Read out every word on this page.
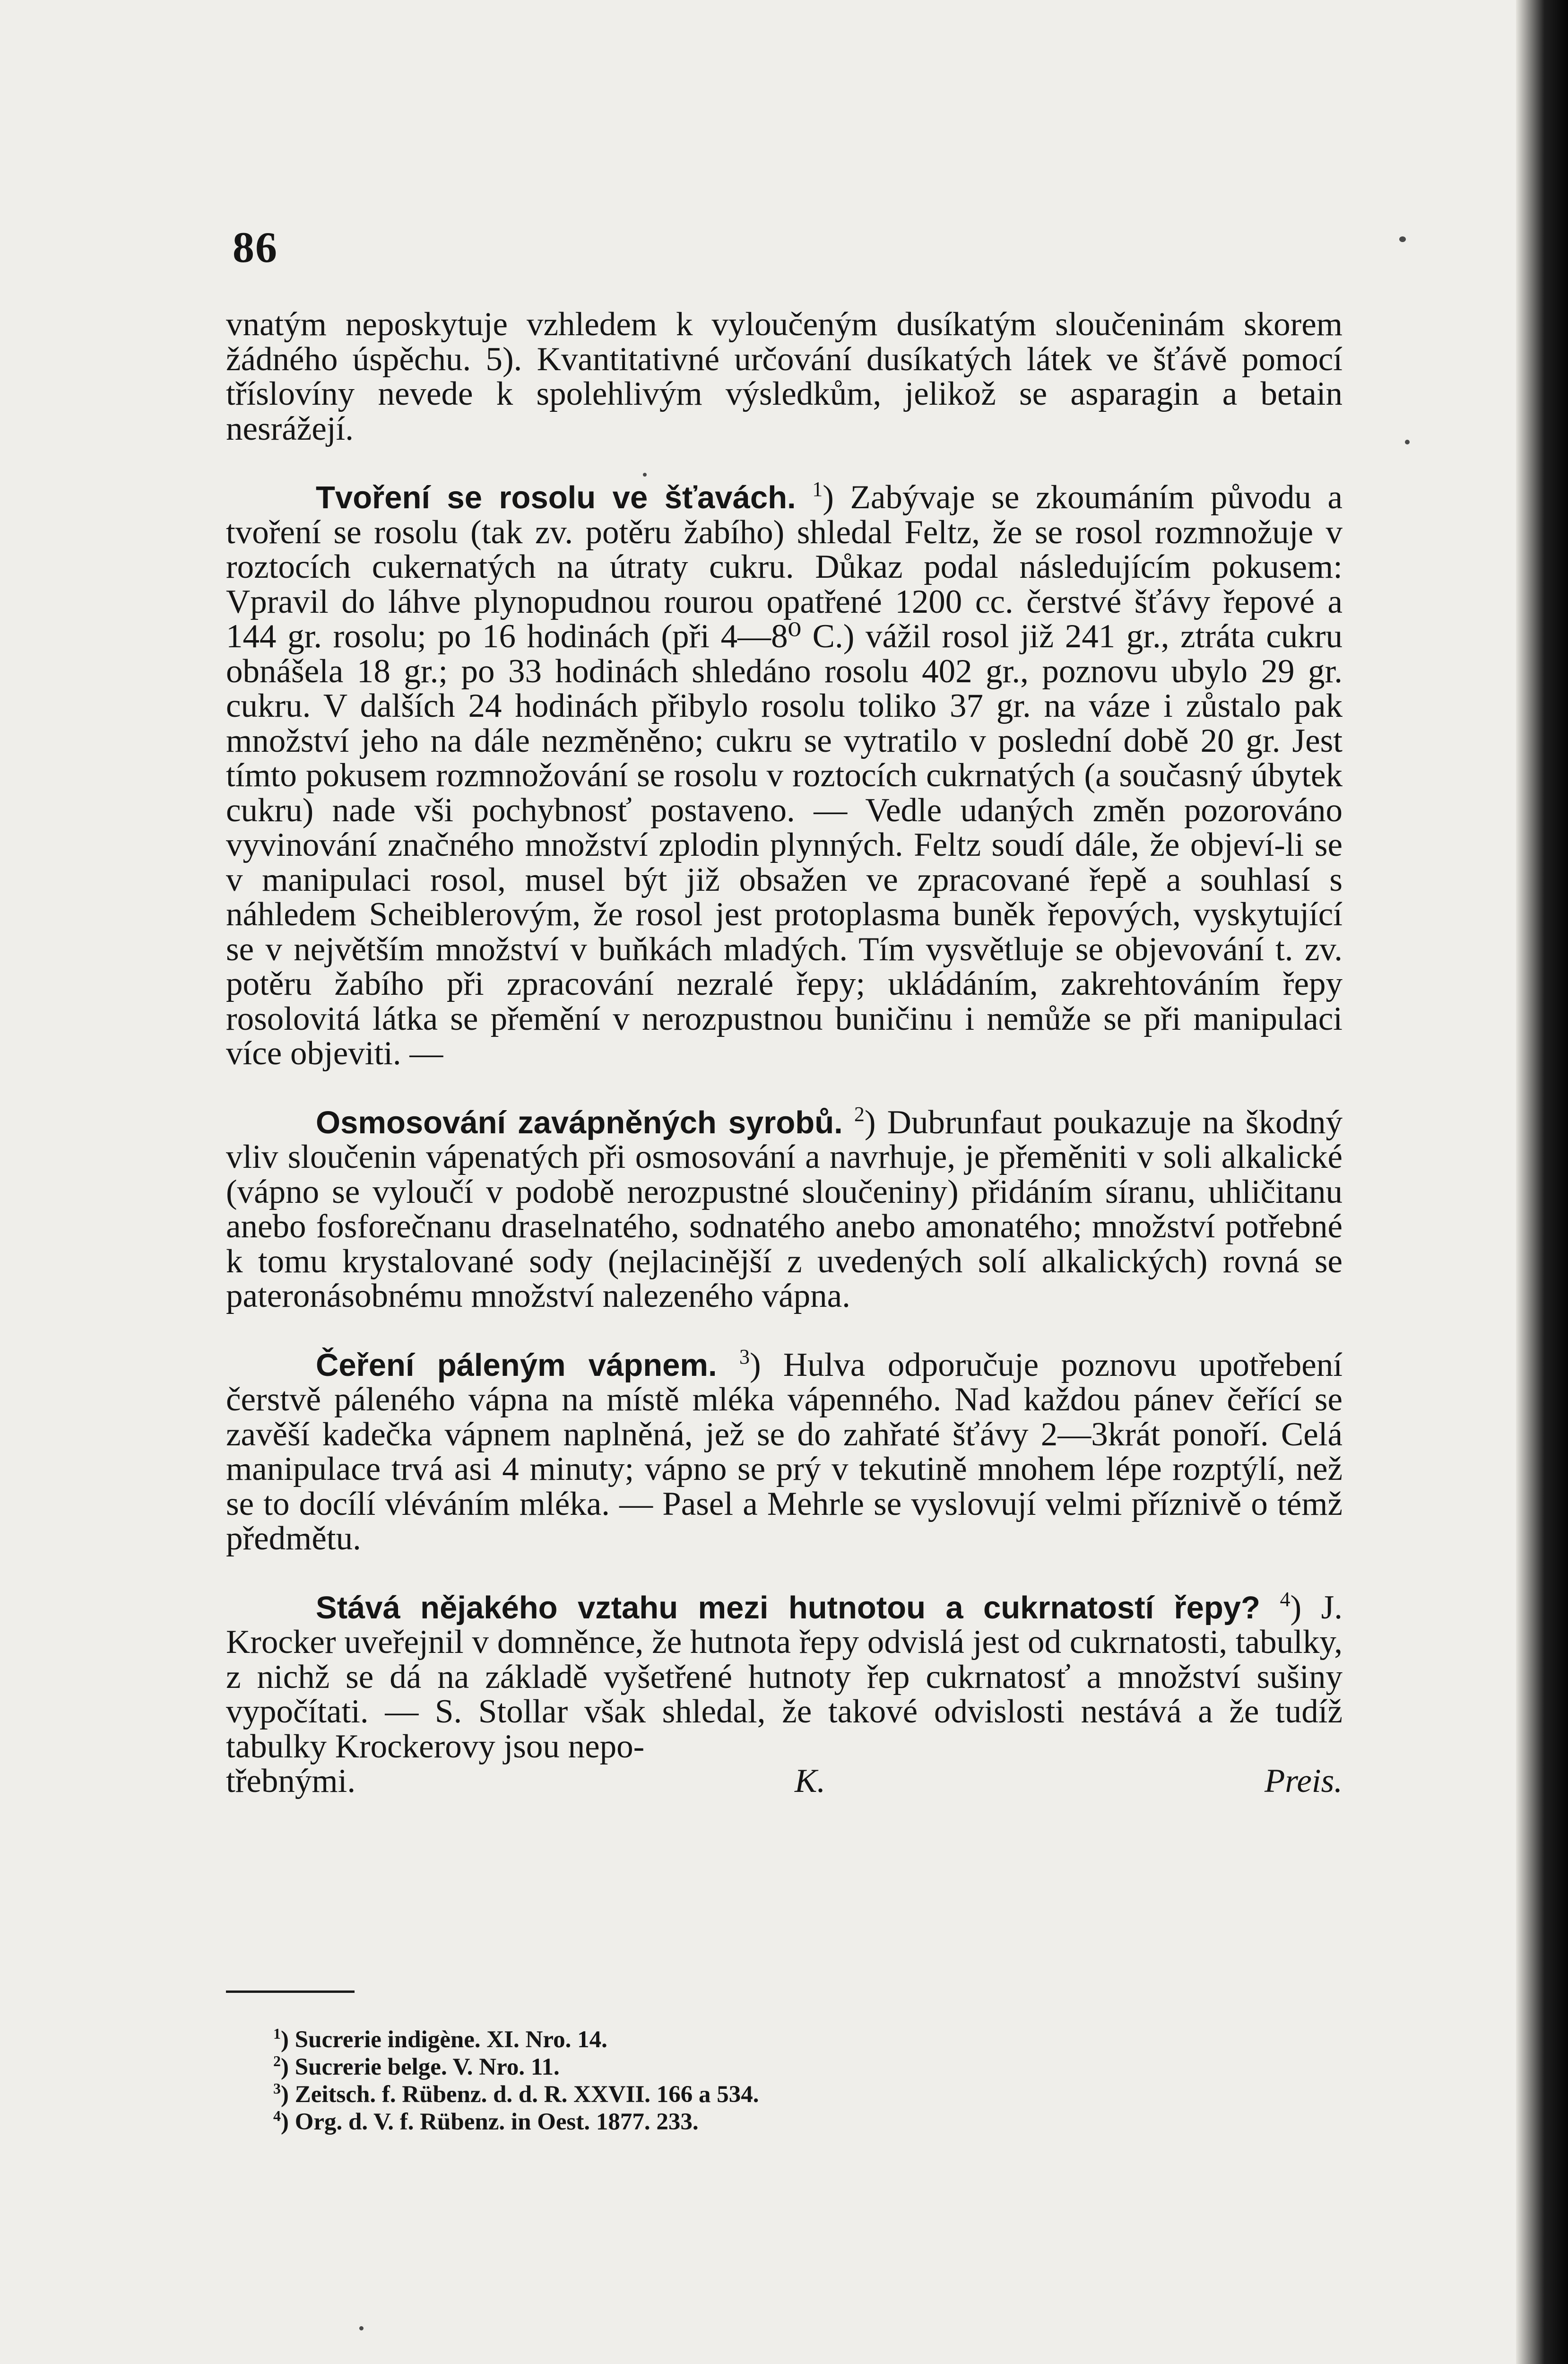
86

vnatým neposkytuje vzhledem k vyloučeným dusíkatým sloučeninám skorem žádného úspěchu. 5). Kvantitativné určování dusíkatých látek ve šťávě pomocí tříslovíny nevede k spolehlivým výsledkům, jelikož se asparagin a betain nesrážejí.

Tvoření se rosolu ve šťavách. $^1$) Zabývaje se zkoumáním původu a tvoření se rosolu (tak zv. potěru žabího) shledal Feltz, že se rosol rozmnožuje v roztocích cukernatých na útraty cukru. Důkaz podal následujícím pokusem: Vpravil do láhve plynopudnou rourou opatřené 1200 cc. čerstvé šťávy řepové a 144 gr. rosolu; po 16 hodinách (při 4—8⁰ C.) vážil rosol již 241 gr., ztráta cukru obnášela 18 gr.; po 33 hodinách shledáno rosolu 402 gr., poznovu ubylo 29 gr. cukru. V dalších 24 hodinách přibylo rosolu toliko 37 gr. na váze i zůstalo pak množství jeho na dále nezměněno; cukru se vytratilo v poslední době 20 gr. Jest tímto pokusem rozmnožování se rosolu v roztocích cukrnatých (a současný úbytek cukru) nade vši pochybnosť postaveno. — Vedle udaných změn pozorováno vyvinování značného množství zplodin plynných. Feltz soudí dále, že objeví-li se v manipulaci rosol, musel být již obsažen ve zpracované řepě a souhlasí s náhledem Scheiblerovým, že rosol jest protoplasma buněk řepových, vyskytující se v největším množství v buňkách mladých. Tím vysvětluje se objevování t. zv. potěru žabího při zpracování nezralé řepy; ukládáním, zakrehtováním řepy rosolovitá látka se přemění v nerozpustnou buničinu i nemůže se při manipulaci více objeviti. —

Osmosování zavápněných syrobů. $^2$) Dubrunfaut poukazuje na škodný vliv sloučenin vápenatých při osmosování a navrhuje, je přeměniti v soli alkalické (vápno se vyloučí v podobě nerozpustné sloučeniny) přidáním síranu, uhličitanu anebo fosforečnanu draselnatého, sodnatého anebo amonatého; množství potřebné k tomu krystalované sody (nejlacinější z uvedených solí alkalických) rovná se pateronásobnému množství nalezeného vápna.

Čeření páleným vápnem. $^3$) Hulva odporučuje poznovu upotřebení čerstvě páleného vápna na místě mléka vápenného. Nad každou pánev čeřící se zavěší kadečka vápnem naplněná, jež se do zahřaté šťávy 2—3krát ponoří. Celá manipulace trvá asi 4 minuty; vápno se prý v tekutině mnohem lépe rozptýlí, než se to docílí vléváním mléka. — Pasel a Mehrle se vyslovují velmi příznivě o témž předmětu.

Stává nějakého vztahu mezi hutnotou a cukrnatostí řepy? $^4$) J. Krocker uveřejnil v domněnce, že hutnota řepy odvislá jest od cukrnatosti, tabulky, z nichž se dá na základě vyšetřené hutnoty řep cukrnatosť a množství sušiny vypočítati. — S. Stollar však shledal, že takové odvislosti nestává a že tudíž tabulky Krockerovy jsou nepo-

třebnými.	K. Preis.

$^1$) Sucrerie indigène. XI. Nro. 14.
$^2$) Sucrerie belge. V. Nro. 11.
$^3$) Zeitsch. f. Rübenz. d. d. R. XXVII. 166 a 534.
$^4$) Org. d. V. f. Rübenz. in Oest. 1877. 233.
